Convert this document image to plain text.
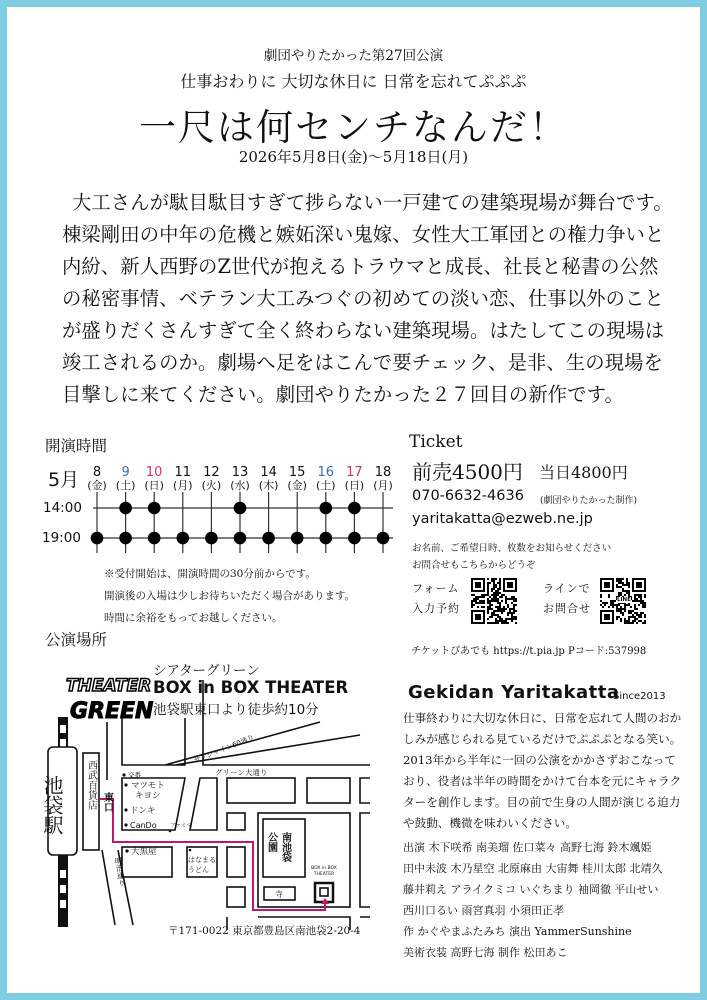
劇団やりたかった第27回公演
仕事おわりに 大切な休日に 日常を忘れてぷぷぷ
一尺は何センチなんだ！
2026年5月8日(金)〜5月18日(月)

大工さんが駄目駄目すぎて捗らない一戸建ての建築現場が舞台です。

棟梁剛田の中年の危機と嫉妬深い鬼嫁、女性大工軍団との権力争いと

内紛、新人西野のZ世代が抱えるトラウマと成長、社長と秘書の公然

の秘密事情、ベテラン大工みつぐの初めての淡い恋、仕事以外のこと

が盛りだくさんすぎて全く終わらない建築現場。はたしてこの現場は

竣工されるのか。劇場へ足をはこんで要チェック、是非、生の現場を

目撃しに来てください。劇団やりたかった２７回目の新作です。

開演時間
5月
14:00
19:00
8
(金)
9
(土)
10
(日)
11
(月)
12
(火)
13
(水)
14
(木)
15
(金)
16
(土)
17
(日)
18
(月)
※受付開始は、開演時間の30分前からです。
開演後の入場は少しお待ちいただく場合があります。
時間に余裕をもってお越しください。
Ticket
前売4500円 当日4800円
070-6632-4636 (劇団やりたかった制作)
yaritakatta@ezweb.ne.jp
お名前、ご希望日時、枚数をお知らせください
お問合せもこちらからどうぞ
フォーム
入力予約
ラインで
お問合せ
LINE
チケットぴあでも https://t.pia.jp Pコード:537998
公演場所
シアターグリーン
BOX in BOX THEATER
池袋駅東口より徒歩約10分
THEATER
GREEN
池袋駅 西武百貨店 東口
交番
マツモト
キヨシ
ドンキ
CanDo ファミマ
大黒屋
はなまる
うどん
明治通り
グリーン大通り
サンシャイン60通り
南池袋
公園
BOX in BOX
THEATER
寺
〒171-0022 東京都豊島区南池袋2-20-4
Gekidan Yaritakatta
Since2013

仕事終わりに大切な休日に、日常を忘れて人間のおか

しみが感じられる見ているだけでぷぷぷとなる笑い。

2013年から半年に一回の公演をかかさずおこなって

おり、役者は半年の時間をかけて台本を元にキャラク

ターを創作します。目の前で生身の人間が演じる迫力

や鼓動、機微を味わいください。

出演 木下咲希 南美瑠 佐口菜々 高野七海 鈴木颯姫

田中未波 木乃星空 北原麻由 大宙舞 桂川太郎 北靖久

藤井莉え アライクミコ いぐちまり 袖岡徹 平山せい

西川口るい 雨宮真羽 小須田正孝

作 かぐやまふたみち 演出 YammerSunshine

美術衣装 高野七海 制作 松田あこ
